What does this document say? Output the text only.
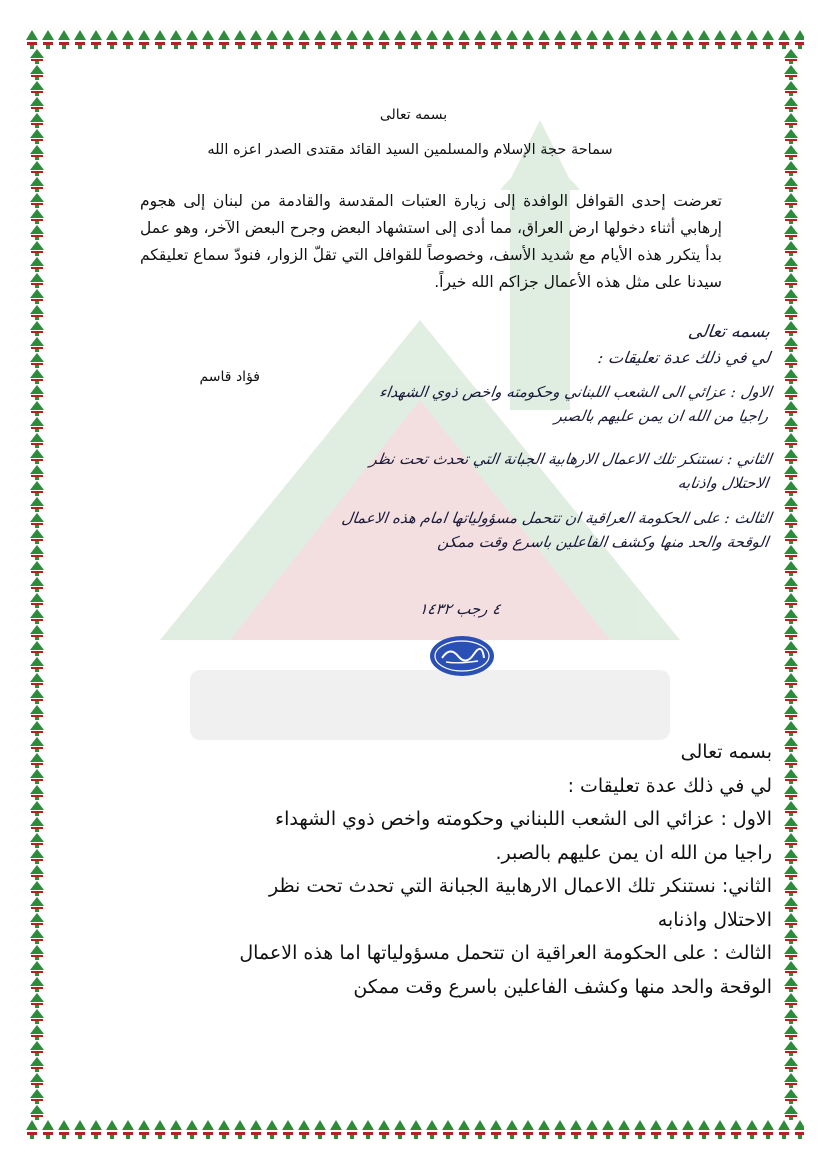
بسمه تعالى
سماحة حجة الإسلام والمسلمين السيد القائد مقتدى الصدر اعزه الله
تعرضت إحدى القوافل الوافدة إلى زيارة العتبات المقدسة والقادمة من لبنان إلى هجوم إرهابي أثناء دخولها ارض العراق، مما أدى إلى استشهاد البعض وجرح البعض الآخر، وهو عمل بدأ يتكرر هذه الأيام مع شديد الأسف، وخصوصاً للقوافل التي تقلّ الزوار، فنودّ سماع تعليقكم سيدنا على مثل هذه الأعمال جزاكم الله خيراً.
فؤاد قاسم
بسمه تعالى
لي في ذلك عدة تعليقات :
الاول : عزائي الى الشعب اللبناني وحكومته واخص ذوي الشهداء راجيا من الله ان يمن عليهم بالصبر
الثاني : نستنكر تلك الاعمال الارهابية الجبانة التي تحدث تحت نظر الاحتلال واذنابه
الثالث : على الحكومة العراقية ان تتحمل مسؤولياتها امام هذه الاعمال الوقحة والحد منها وكشف الفاعلين باسرع وقت ممكن
٤ رجب ١٤٣٢
بسمه تعالى
لي في ذلك عدة تعليقات :
الاول : عزائي الى الشعب اللبناني وحكومته واخص ذوي الشهداء
راجيا من الله ان يمن عليهم بالصبر.
الثاني: نستنكر تلك الاعمال الارهابية الجبانة التي تحدث تحت نظر
الاحتلال واذنابه
الثالث : على الحكومة العراقية ان تتحمل مسؤولياتها اما هذه الاعمال
الوقحة والحد منها وكشف الفاعلين باسرع وقت ممكن
